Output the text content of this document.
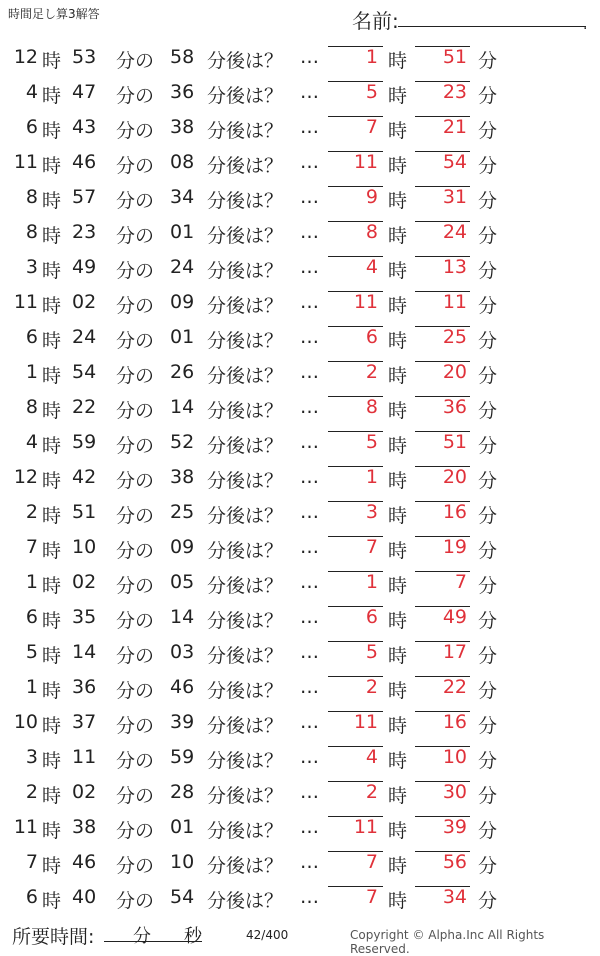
時間足し算3解答	名前:	.
12 時 53 分の 58 分後は？ … 1 時 51 分
4 時 47 分の 36 分後は？ … 5 時 23 分
6 時 43 分の 38 分後は？ … 7 時 21 分
11 時 46 分の 08 分後は？ … 11 時 54 分
8 時 57 分の 34 分後は？ … 9 時 31 分
8 時 23 分の 01 分後は？ … 8 時 24 分
3 時 49 分の 24 分後は？ … 4 時 13 分
11 時 02 分の 09 分後は？ … 11 時 11 分
6 時 24 分の 01 分後は？ … 6 時 25 分
1 時 54 分の 26 分後は？ … 2 時 20 分
8 時 22 分の 14 分後は？ … 8 時 36 分
4 時 59 分の 52 分後は？ … 5 時 51 分
12 時 42 分の 38 分後は？ … 1 時 20 分
2 時 51 分の 25 分後は？ … 3 時 16 分
7 時 10 分の 09 分後は？ … 7 時 19 分
1 時 02 分の 05 分後は？ … 1 時	7 分
6 時 35 分の 14 分後は？ … 6 時 49 分
5 時 14 分の 03 分後は？ … 5 時 17 分
1 時 36 分の 46 分後は？ … 2 時 22 分
10 時 37 分の 39 分後は？ … 11 時 16 分
3 時 11 分の 59 分後は？ … 4 時 10 分
2 時 02 分の 28 分後は？ … 2 時 30 分
11 時 38 分の 01 分後は？ … 11 時 39 分
7 時 46 分の 10 分後は？ … 7 時 56 分
6 時 40 分の 54 分後は？ … 7 時 34 分
所要時間: 分 秒	42/400	Copyright © Alpha.Inc All Rights Reserved.
